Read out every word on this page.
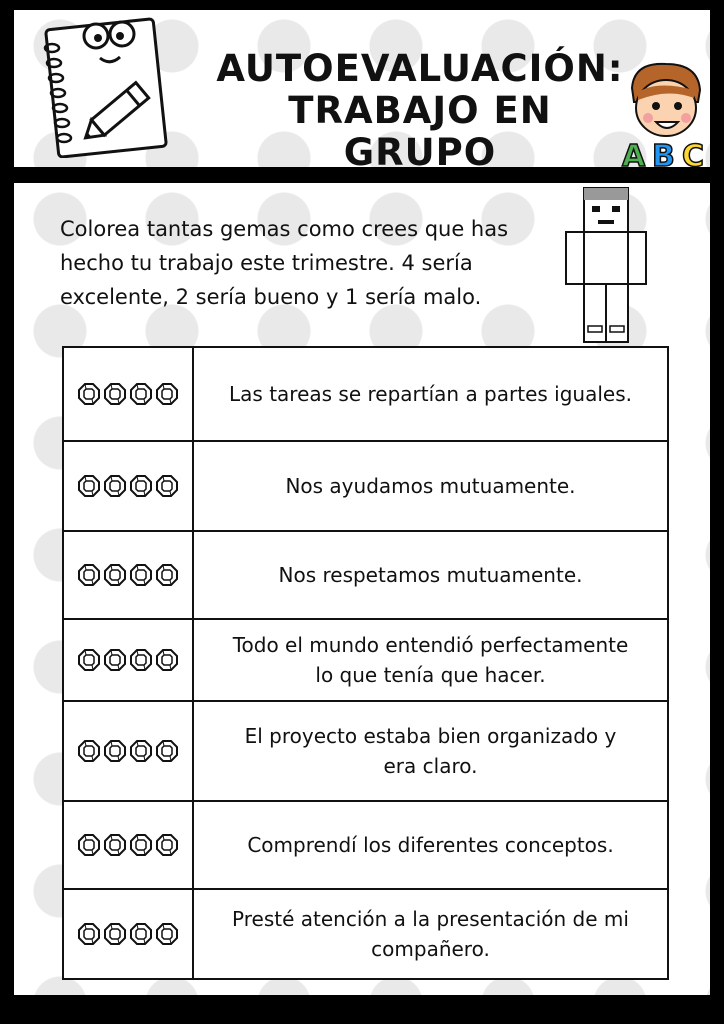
AUTOEVALUACIÓN:
TRABAJO EN GRUPO	A B C
Colorea tantas gemas como crees que has hecho tu trabajo este trimestre. 4 sería excelente, 2 sería bueno y 1 sería malo.
	Las tareas se repartían a partes iguales.
	Nos ayudamos mutuamente.
	Nos respetamos mutuamente.
	Todo el mundo entendió perfectamente lo que tenía que hacer.
	El proyecto estaba bien organizado y era claro.
	Comprendí los diferentes conceptos.
	Presté atención a la presentación de mi compañero.
